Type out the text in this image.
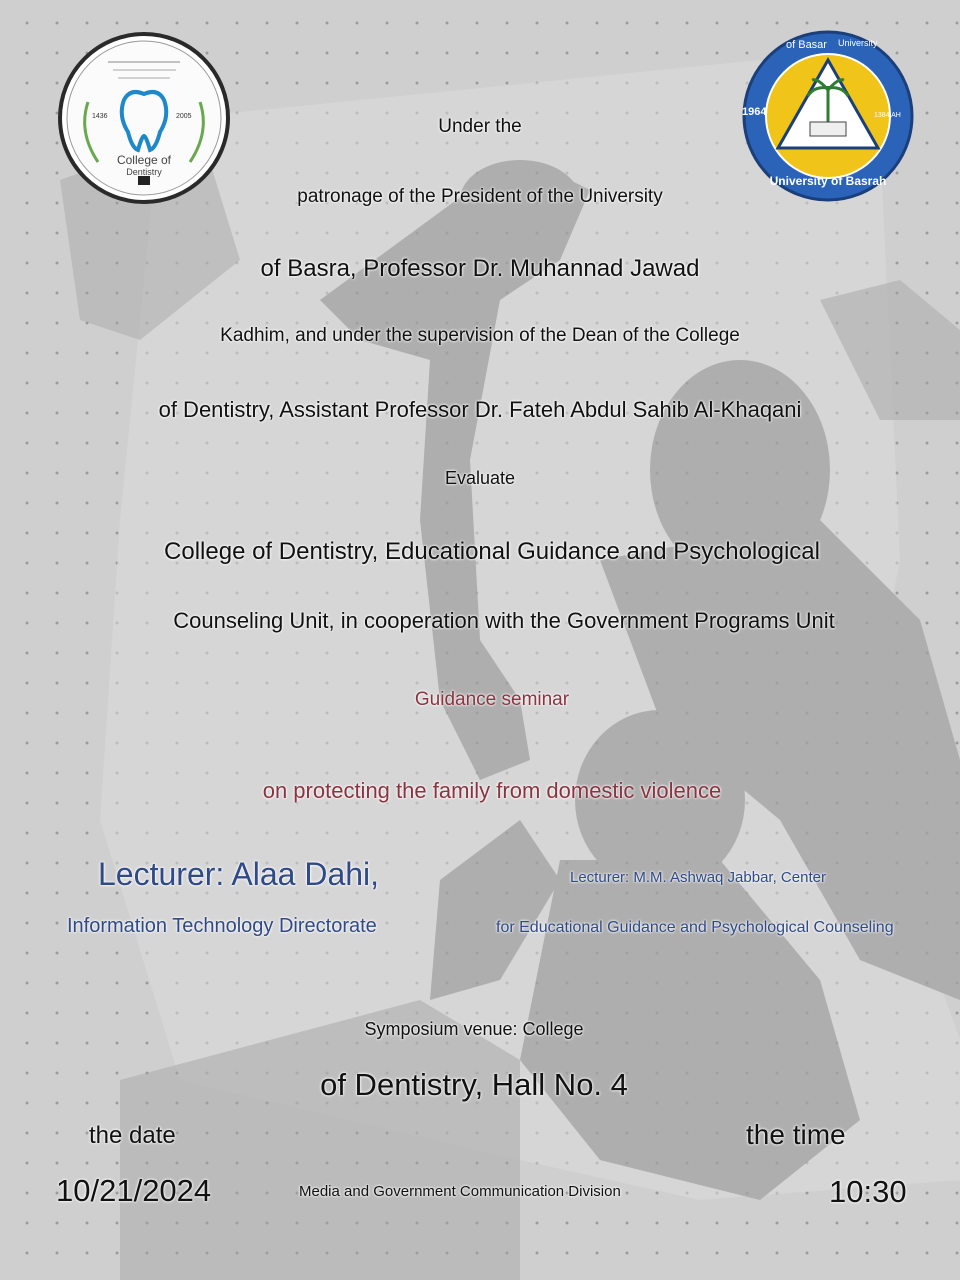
College of
Dentistry
1436	2005
of Basar University
1964	1384 AH
University of Basrah
Under the
patronage of the President of the University
of Basra, Professor Dr. Muhannad Jawad
Kadhim, and under the supervision of the Dean of the College
of Dentistry, Assistant Professor Dr. Fateh Abdul Sahib Al-Khaqani
Evaluate
College of Dentistry, Educational Guidance and Psychological
Counseling Unit, in cooperation with the Government Programs Unit
Guidance seminar
on protecting the family from domestic violence
Lecturer: Alaa Dahi,
Information Technology Directorate
Lecturer: M.M. Ashwaq Jabbar, Center
for Educational Guidance and Psychological Counseling
Symposium venue: College
of Dentistry, Hall No. 4
the date
10/21/2024
the time
10:30
Media and Government Communication Division
